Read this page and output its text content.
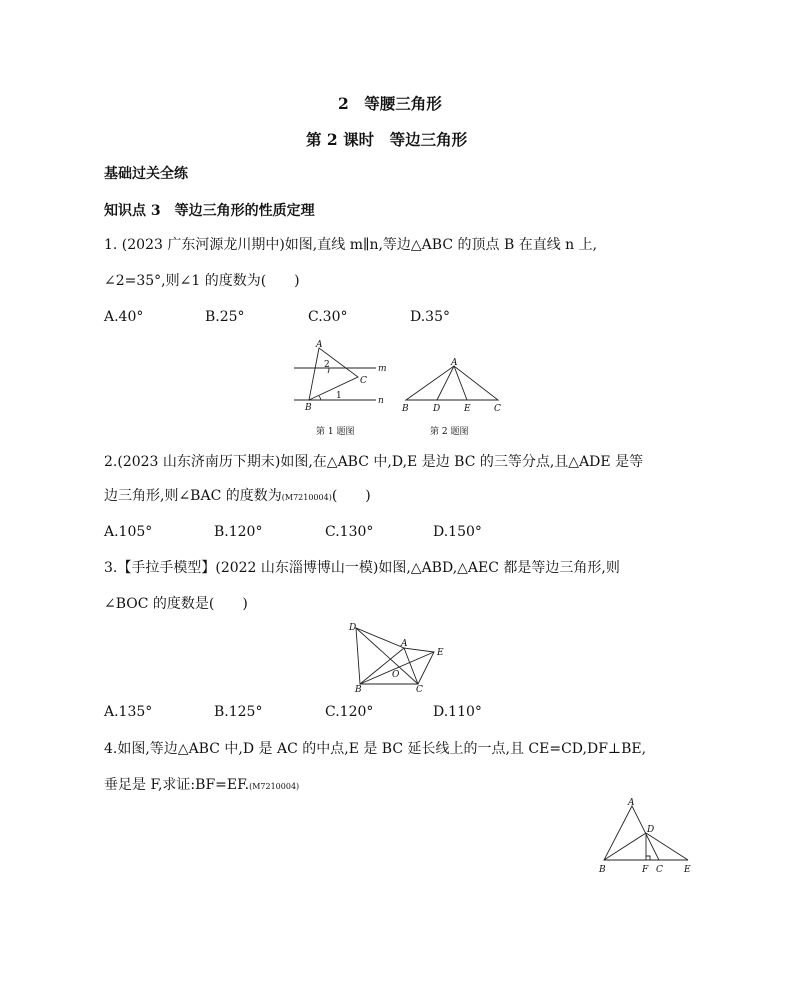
2　等腰三角形
第 2 课时　等边三角形
基础过关全练
知识点 3　等边三角形的性质定理
1. (2023 广东河源龙川期中)如图,直线 m∥n,等边△ABC 的顶点 B 在直线 n 上,
∠2=35°,则∠1 的度数为(　　)
A.40°	B.25°	C.30°	D.35°
A
B
C
m
n
1
2
第 1 题图
A
B	D	E	C
第 2 题图
2.(2023 山东济南历下期末)如图,在△ABC 中,D,E 是边 BC 的三等分点,且△ADE 是等
边三角形,则∠BAC 的度数为(M7210004)(　　)
A.105°	B.120°	C.130°	D.150°
3.【手拉手模型】(2022 山东淄博博山一模)如图,△ABD,△AEC 都是等边三角形,则
∠BOC 的度数是(　　)
D
A
E
O
B	C
A.135°	B.125°	C.120°	D.110°
4.如图,等边△ABC 中,D 是 AC 的中点,E 是 BC 延长线上的一点,且 CE=CD,DF⊥BE,
垂足是 F,求证:BF=EF.(M7210004)
A
D
B	F C E
